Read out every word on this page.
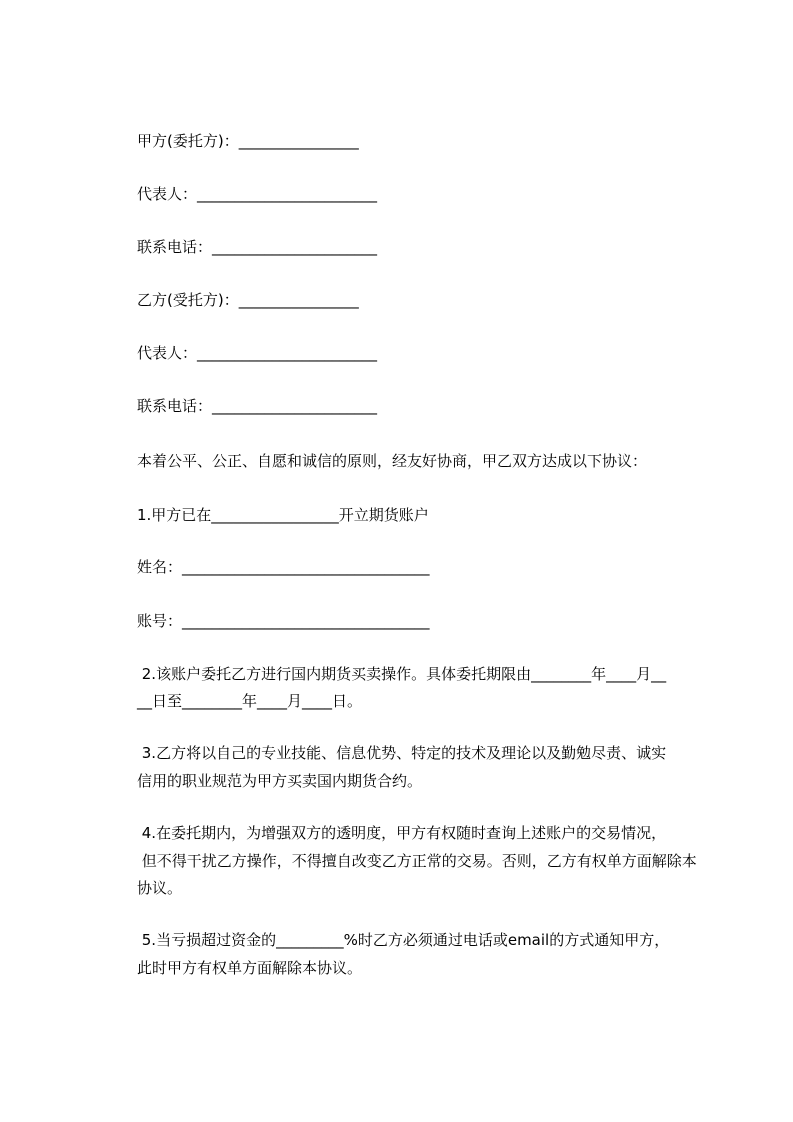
甲方(委托方)：________________
代表人：________________________
联系电话：______________________
乙方(受托方)：________________
代表人：________________________
联系电话：______________________
本着公平、公正、自愿和诚信的原则，经友好协商，甲乙双方达成以下协议：
1.甲方已在_________________开立期货账户
姓名：_________________________________
账号：_________________________________
2.该账户委托乙方进行国内期货买卖操作。具体委托期限由________年____月__
__日至________年____月____日。
3.乙方将以自己的专业技能、信息优势、特定的技术及理论以及勤勉尽责、诚实
信用的职业规范为甲方买卖国内期货合约。
4.在委托期内，为增强双方的透明度，甲方有权随时查询上述账户的交易情况，
但不得干扰乙方操作，不得擅自改变乙方正常的交易。否则，乙方有权单方面解除本
协议。
5.当亏损超过资金的_________%时乙方必须通过电话或email的方式通知甲方，
此时甲方有权单方面解除本协议。
